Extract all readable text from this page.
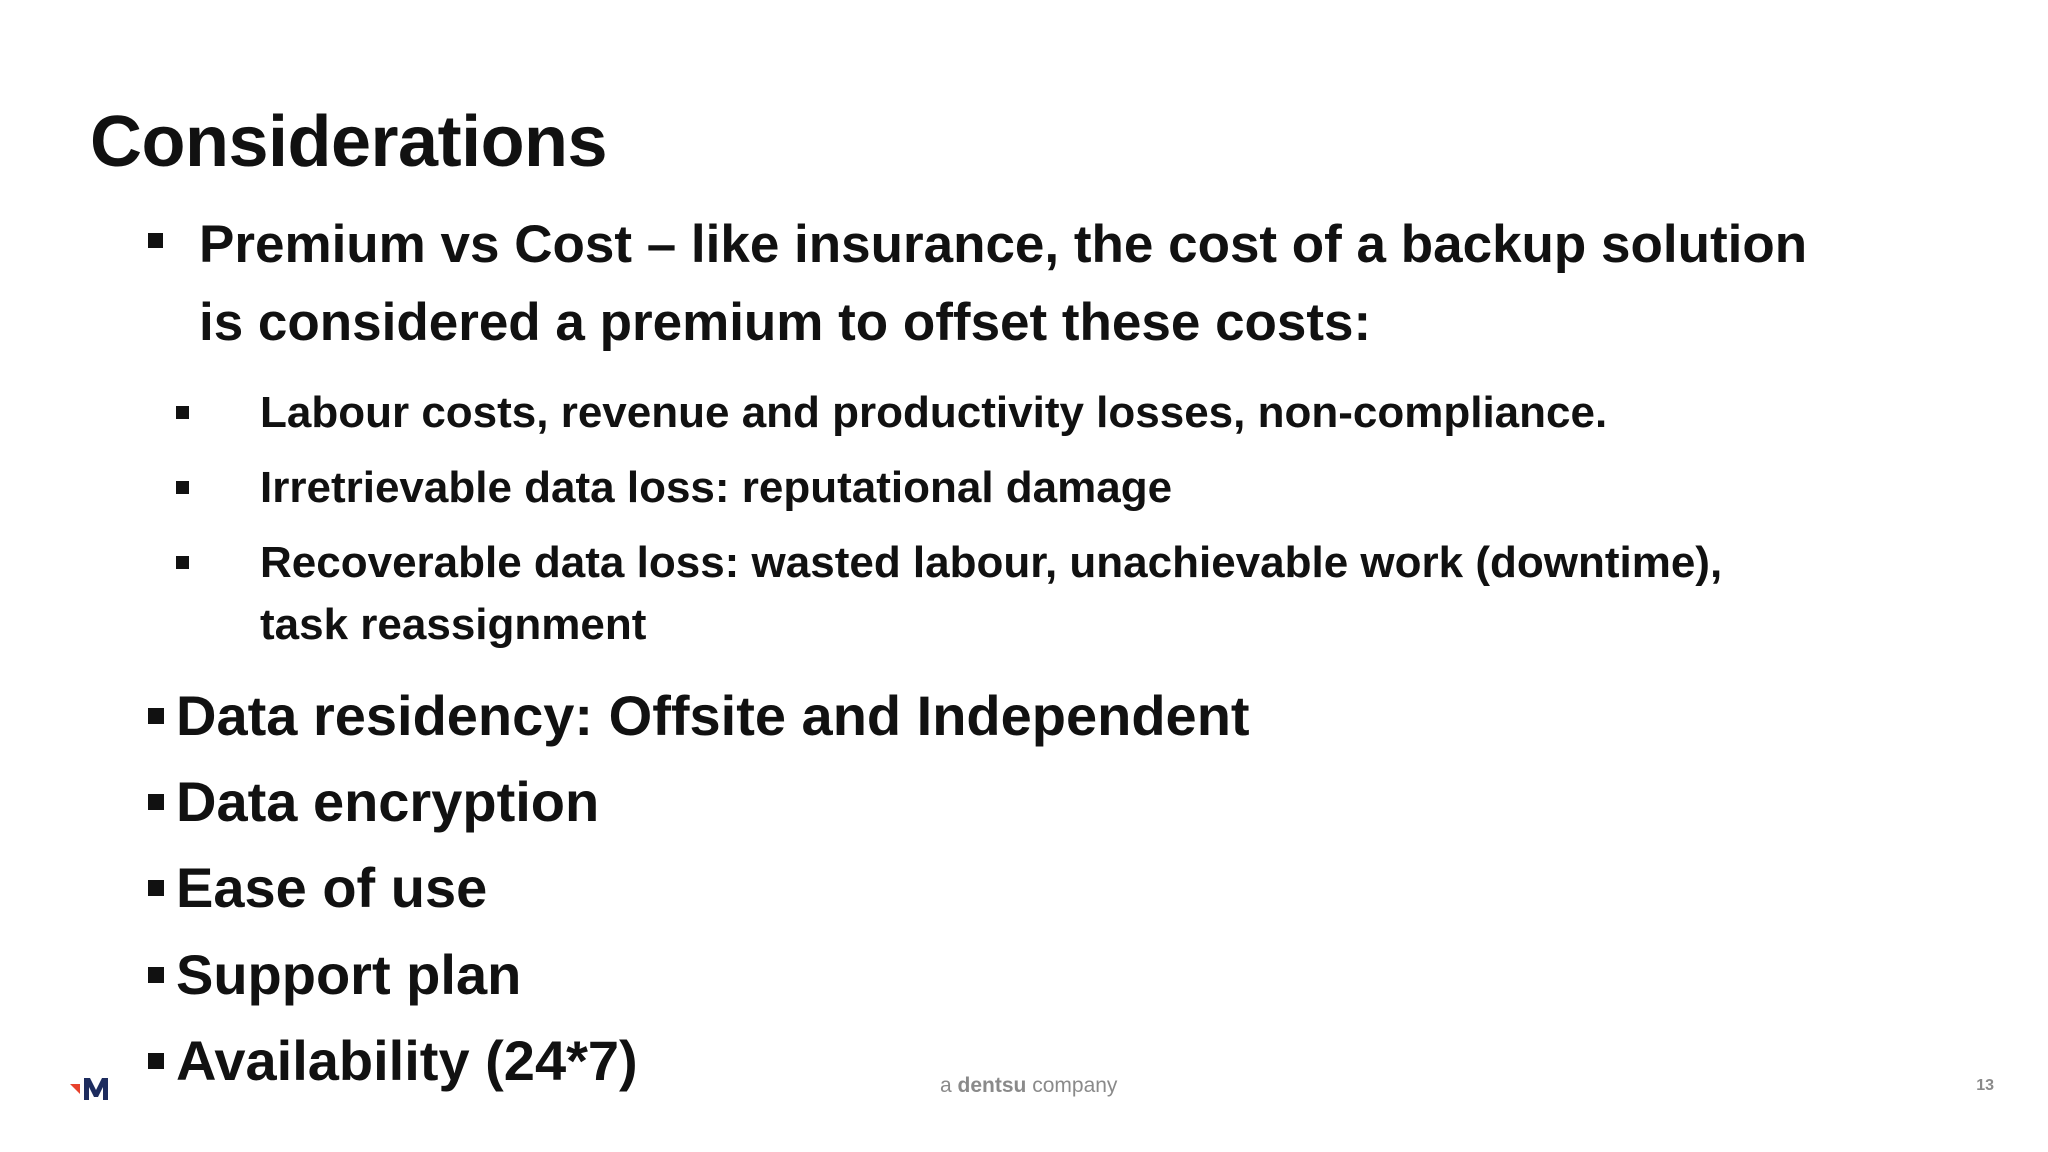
Considerations
Premium vs Cost – like insurance, the cost of a backup solution
is considered a premium to offset these costs:
Labour costs, revenue and productivity losses, non-compliance.
Irretrievable data loss: reputational damage
Recoverable data loss: wasted labour, unachievable work (downtime),
task reassignment
Data residency: Offsite and Independent
Data encryption
Ease of use
Support plan
Availability (24*7)	a dentsu company	13
